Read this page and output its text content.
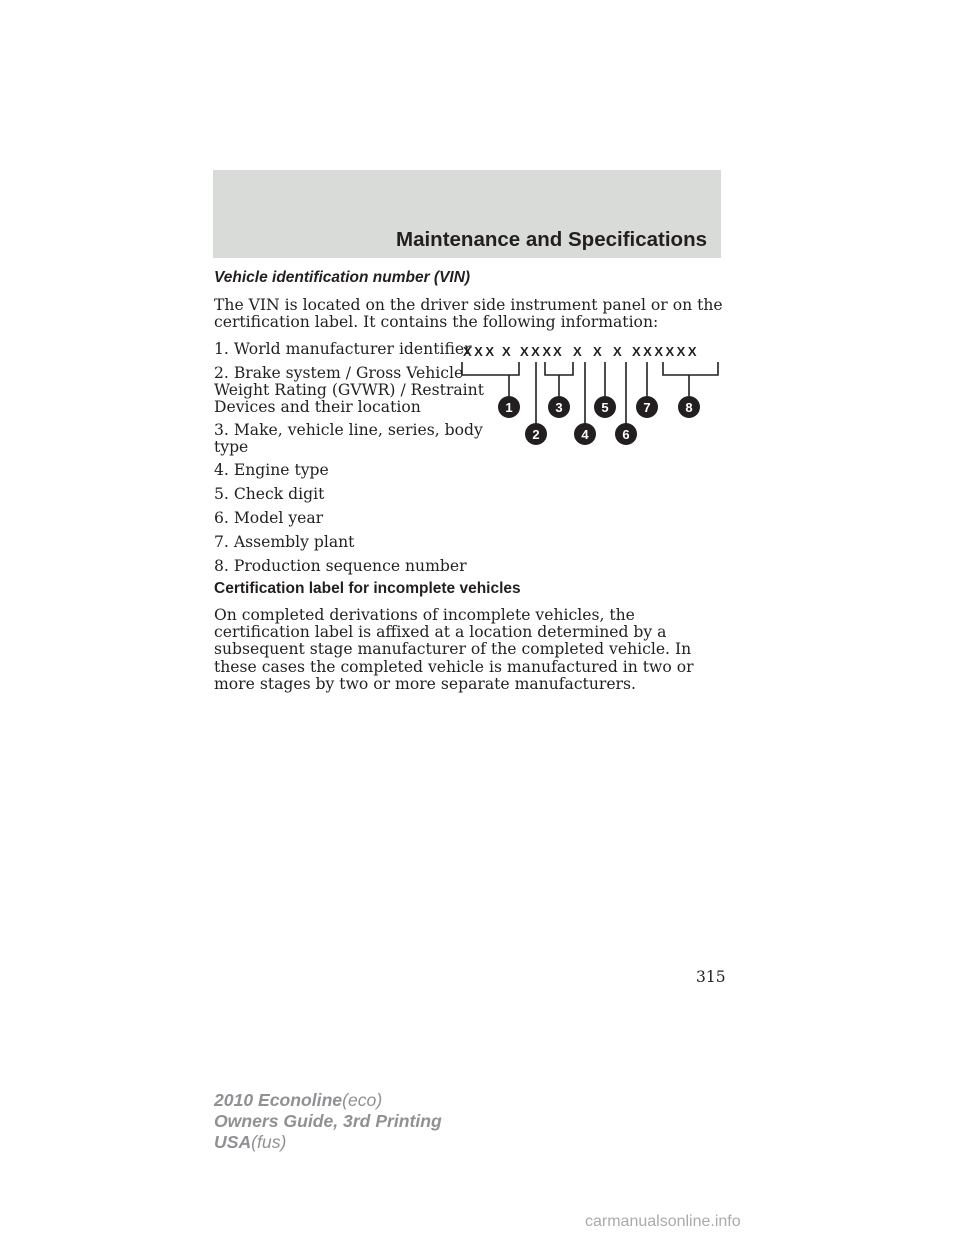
Maintenance and Specifications
Vehicle identification number (VIN)

The VIN is located on the driver side instrument panel or on the certification label. It contains the following information:

1. World manufacturer identifier
2. Brake system / Gross Vehicle
Weight Rating (GVWR) / Restraint
Devices and their location
3. Make, vehicle line, series, body
type
4. Engine type
5. Check digit
6. Model year
7. Assembly plant
8. Production sequence number
XXX X XXX X X X X XXXXXX
1
2
3
4
5
6
7	8
Certification label for incomplete vehicles

On completed derivations of incomplete vehicles, the certification label is affixed at a location determined by a subsequent stage manufacturer of the completed vehicle. In these cases the completed vehicle is manufactured in two or more stages by two or more separate manufacturers.

315
2010 Econoline(eco)
Owners Guide, 3rd Printing
USA(fus)
carmanualsonline.info
